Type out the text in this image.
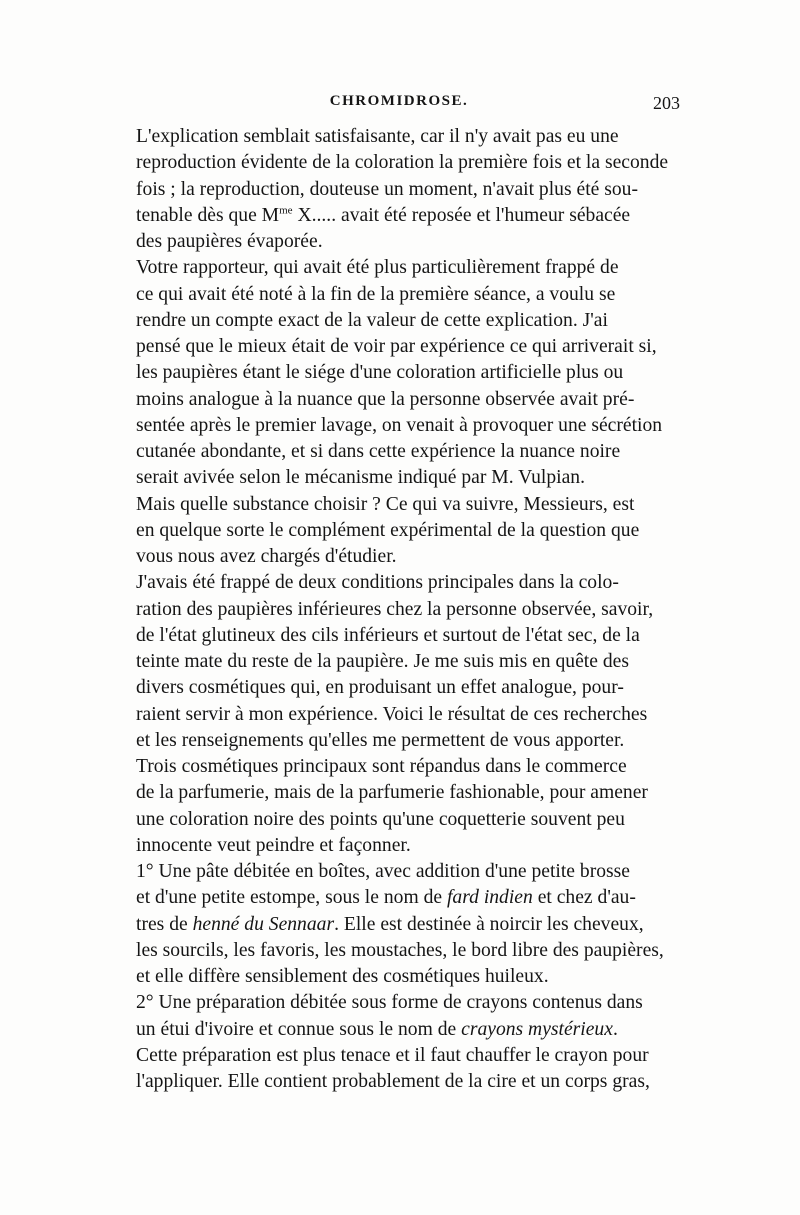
CHROMIDROSE.	203

L'explication semblait satisfaisante, car il n'y avait pas eu une
reproduction évidente de la coloration la première fois et la seconde
fois ; la reproduction, douteuse un moment, n'avait plus été sou-
tenable dès que $M^{me}$ X..... avait été reposée et l'humeur sébacée
des paupières évaporée.

Votre rapporteur, qui avait été plus particulièrement frappé de
ce qui avait été noté à la fin de la première séance, a voulu se
rendre un compte exact de la valeur de cette explication. J'ai
pensé que le mieux était de voir par expérience ce qui arriverait si,
les paupières étant le siége d'une coloration artificielle plus ou
moins analogue à la nuance que la personne observée avait pré-
sentée après le premier lavage, on venait à provoquer une sécrétion
cutanée abondante, et si dans cette expérience la nuance noire
serait avivée selon le mécanisme indiqué par M. Vulpian.

Mais quelle substance choisir ? Ce qui va suivre, Messieurs, est
en quelque sorte le complément expérimental de la question que
vous nous avez chargés d'étudier.

J'avais été frappé de deux conditions principales dans la colo-
ration des paupières inférieures chez la personne observée, savoir,
de l'état glutineux des cils inférieurs et surtout de l'état sec, de la
teinte mate du reste de la paupière. Je me suis mis en quête des
divers cosmétiques qui, en produisant un effet analogue, pour-
raient servir à mon expérience. Voici le résultat de ces recherches
et les renseignements qu'elles me permettent de vous apporter.

Trois cosmétiques principaux sont répandus dans le commerce
de la parfumerie, mais de la parfumerie fashionable, pour amener
une coloration noire des points qu'une coquetterie souvent peu
innocente veut peindre et façonner.

1° Une pâte débitée en boîtes, avec addition d'une petite brosse
et d'une petite estompe, sous le nom de fard indien et chez d'au-
tres de henné du Sennaar. Elle est destinée à noircir les cheveux,
les sourcils, les favoris, les moustaches, le bord libre des paupières,
et elle diffère sensiblement des cosmétiques huileux.

2° Une préparation débitée sous forme de crayons contenus dans
un étui d'ivoire et connue sous le nom de crayons mystérieux.
Cette préparation est plus tenace et il faut chauffer le crayon pour
l'appliquer. Elle contient probablement de la cire et un corps gras,
